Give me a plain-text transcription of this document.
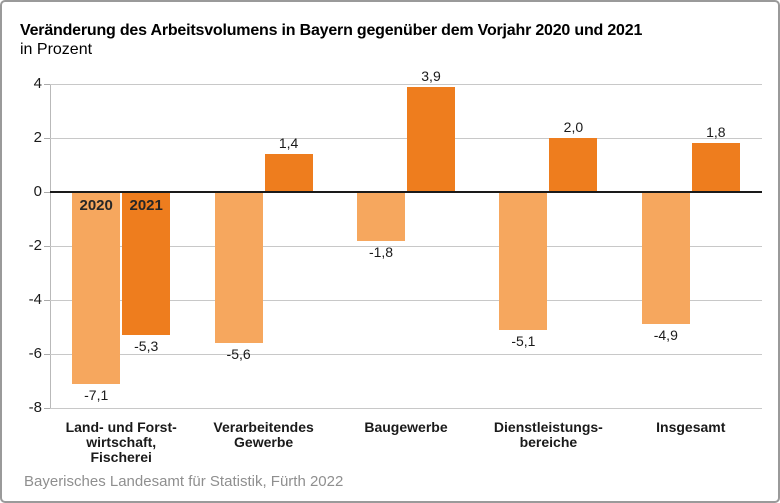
Veränderung des Arbeitsvolumens in Bayern gegenüber dem Vorjahr 2020 und 2021
in Prozent
4
2
0
-2
-4
-6
-8
-7,1
2020
-5,6
-1,8
-5,1	-4,9
-5,3
2021
1,4
3,9
2,0	1,8
Land- und Forst-
wirtschaft,
Fischerei
Verarbeitendes
Gewerbe
Baugewerbe	Dienstleistungs-
bereiche
Insgesamt
Bayerisches Landesamt für Statistik, Fürth 2022
